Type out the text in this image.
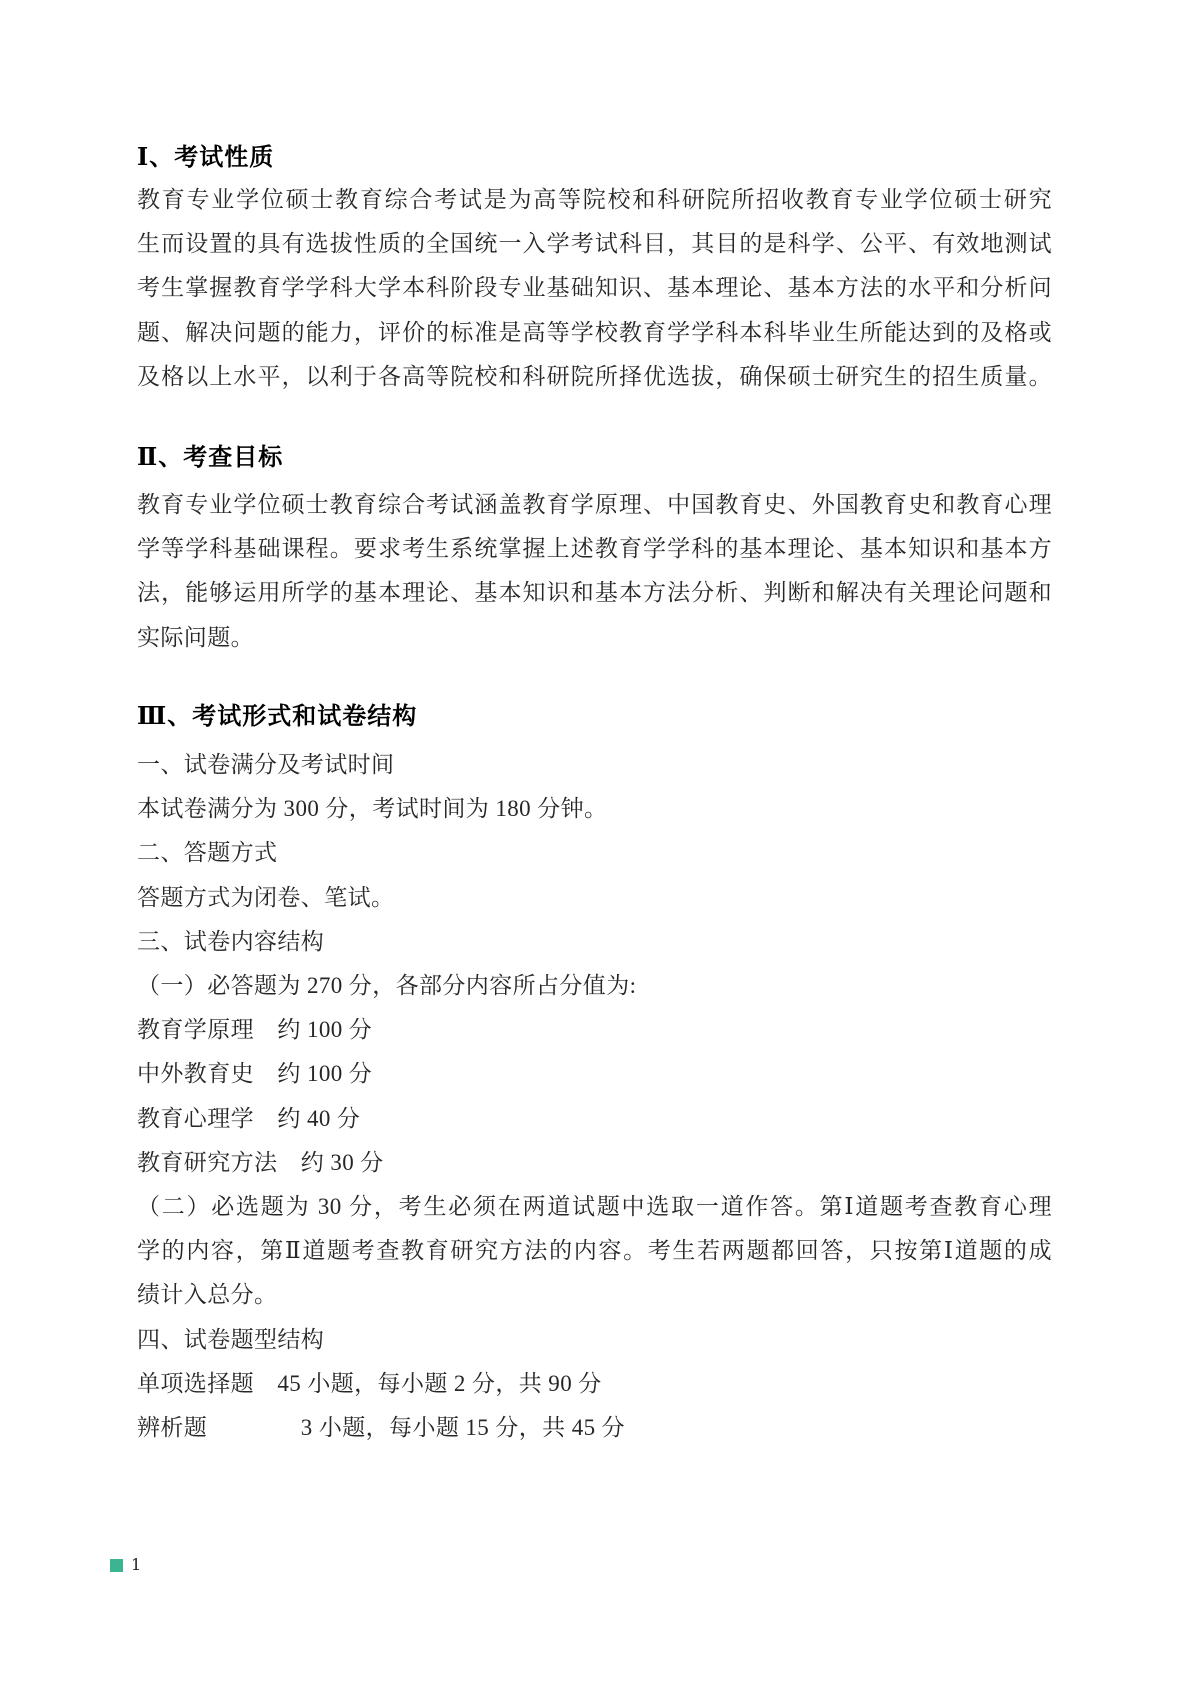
Ⅰ、考试性质
教育专业学位硕士教育综合考试是为高等院校和科研院所招收教育专业学位硕士研究
生而设置的具有选拔性质的全国统一入学考试科目，其目的是科学、公平、有效地测试
考生掌握教育学学科大学本科阶段专业基础知识、基本理论、基本方法的水平和分析问
题、解决问题的能力，评价的标准是高等学校教育学学科本科毕业生所能达到的及格或
及格以上水平，以利于各高等院校和科研院所择优选拔，确保硕士研究生的招生质量。
Ⅱ、考查目标
教育专业学位硕士教育综合考试涵盖教育学原理、中国教育史、外国教育史和教育心理
学等学科基础课程。要求考生系统掌握上述教育学学科的基本理论、基本知识和基本方
法，能够运用所学的基本理论、基本知识和基本方法分析、判断和解决有关理论问题和
实际问题。
Ⅲ、考试形式和试卷结构
一、试卷满分及考试时间
本试卷满分为 300 分，考试时间为 180 分钟。
二、答题方式
答题方式为闭卷、笔试。
三、试卷内容结构
（一）必答题为 270 分，各部分内容所占分值为:
教育学原理　约 100 分
中外教育史　约 100 分
教育心理学　约 40 分
教育研究方法　约 30 分
（二）必选题为 30 分，考生必须在两道试题中选取一道作答。第Ⅰ道题考查教育心理
学的内容，第Ⅱ道题考查教育研究方法的内容。考生若两题都回答，只按第Ⅰ道题的成
绩计入总分。
四、试卷题型结构
单项选择题　45 小题，每小题 2 分，共 90 分
辨析题　　　　3 小题，每小题 15 分，共 45 分
1
